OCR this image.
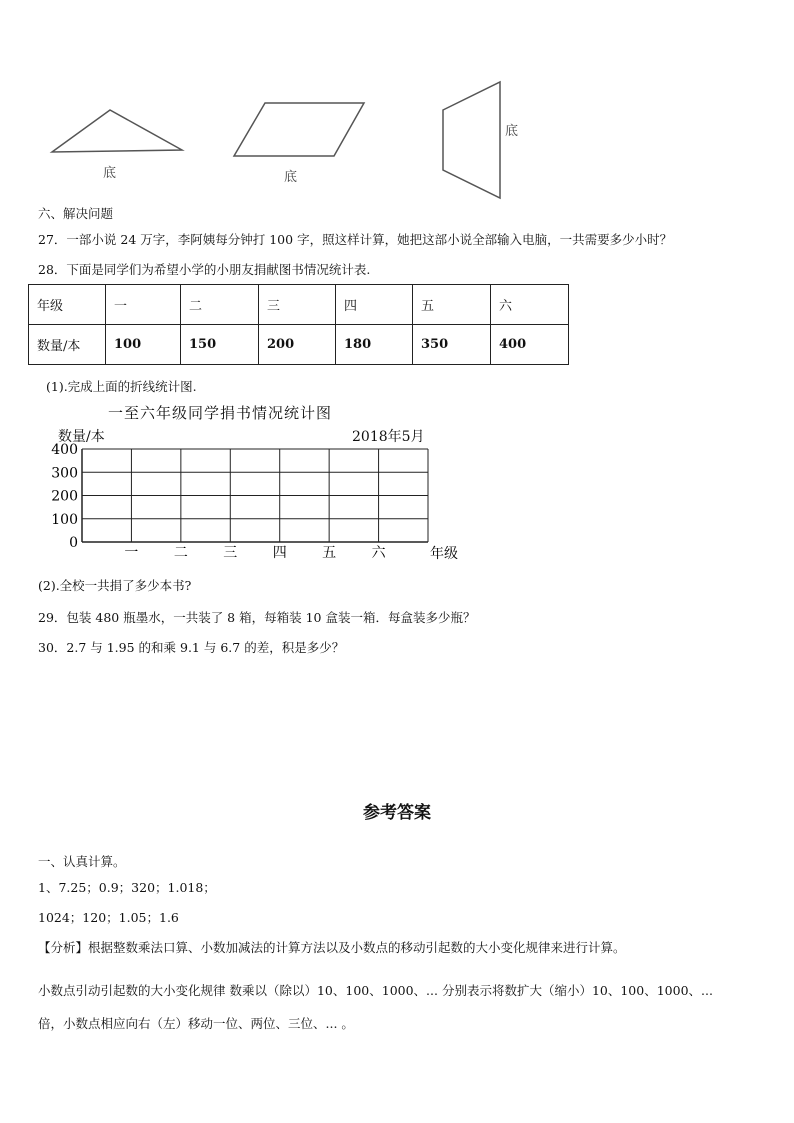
底	底
底
六、解决问题
27．一部小说 24 万字，李阿姨每分钟打 100 字，照这样计算，她把这部小说全部输入电脑，一共需要多少小时？
28．下面是同学们为希望小学的小朋友捐献图书情况统计表.
年级	一	二	三	四	五	六
数量/本	100	150	200	180	350	400
(1).完成上面的折线统计图.
一至六年级同学捐书情况统计图
数量/本	2018年5月
0
100
200
300
400
一	二	三	四	五	六	年级
(2).全校一共捐了多少本书?
29．包装 480 瓶墨水，一共装了 8 箱，每箱装 10 盒装一箱．每盒装多少瓶？
30．2.7 与 1.95 的和乘 9.1 与 6.7 的差，积是多少？
参考答案
一、认真计算。
1、7.25；0.9；320；1.018；
1024；120；1.05；1.6
【分析】根据整数乘法口算、小数加减法的计算方法以及小数点的移动引起数的大小变化规律来进行计算。
小数点引动引起数的大小变化规律 数乘以（除以）10、100、1000、... 分别表示将数扩大（缩小）10、100、1000、...
倍，小数点相应向右（左）移动一位、两位、三位、... 。
